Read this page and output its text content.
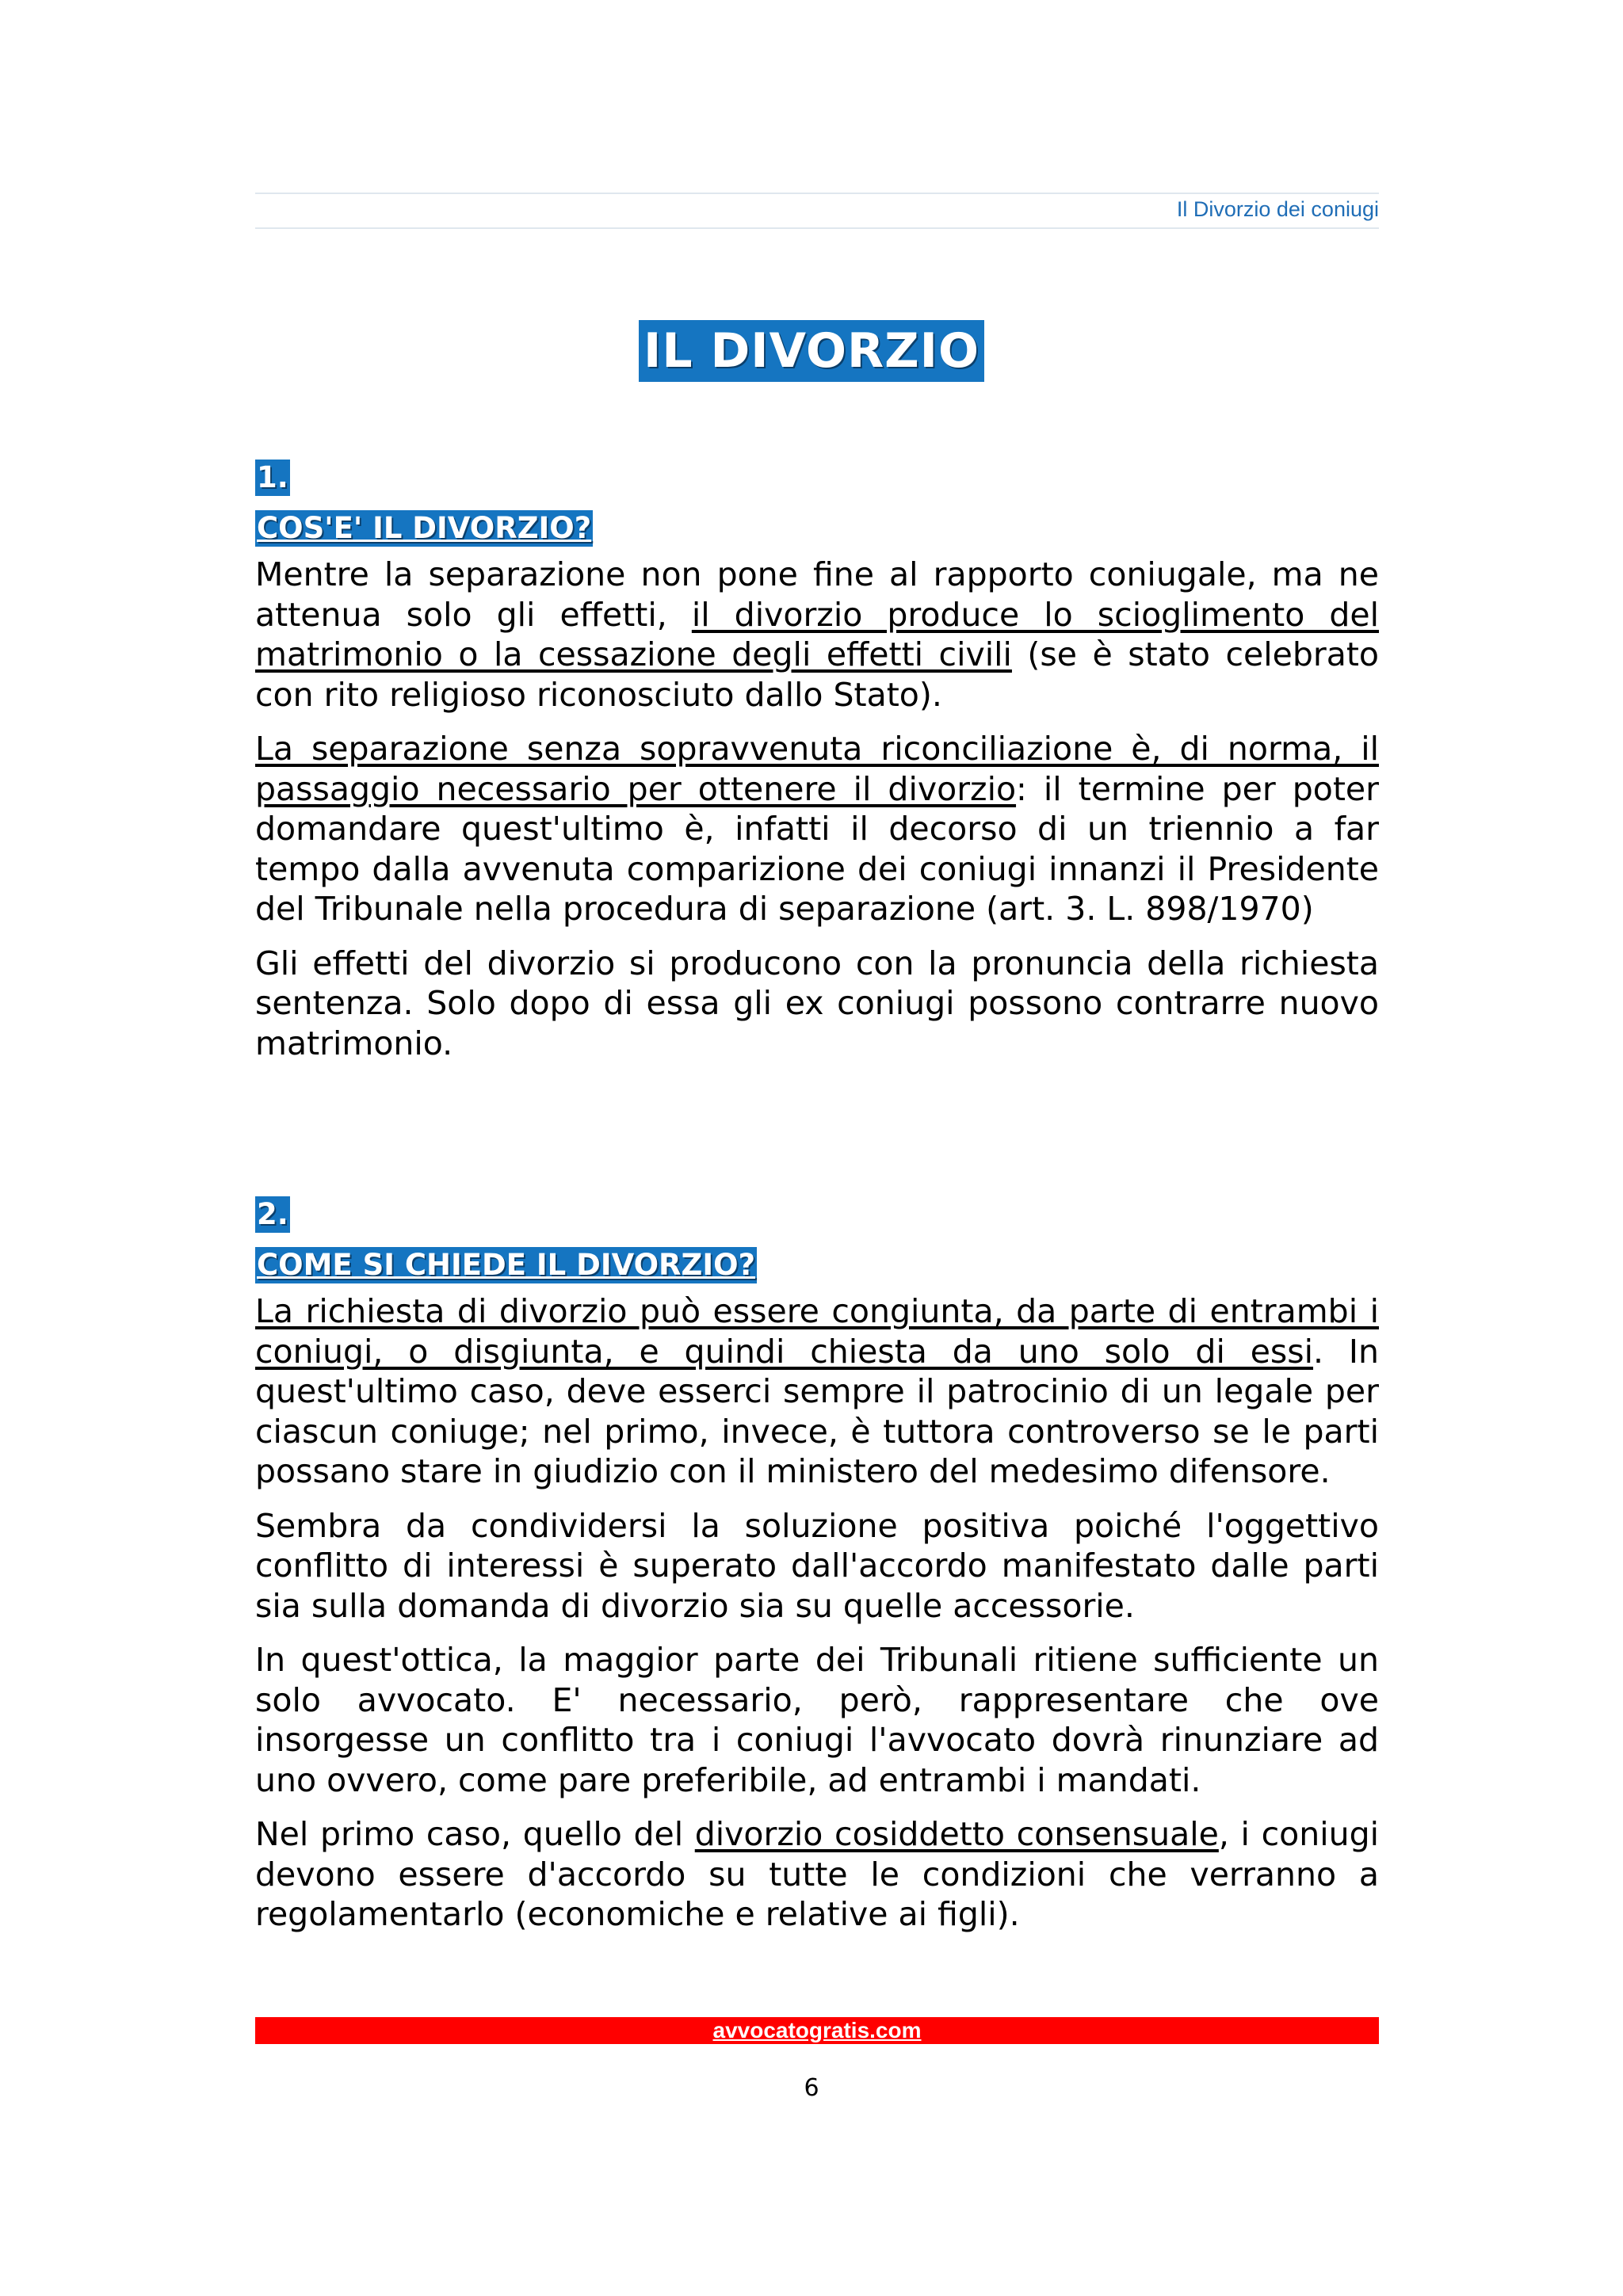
Il Divorzio dei coniugi
IL DIVORZIO
1.
COS'E' IL DIVORZIO?

Mentre la separazione non pone fine al rapporto coniugale, ma ne attenua solo gli effetti, il divorzio produce lo scioglimento del matrimonio o la cessazione degli effetti civili (se è stato celebrato con rito religioso riconosciuto dallo Stato).

La separazione senza sopravvenuta riconciliazione è, di norma, il passaggio necessario per ottenere il divorzio: il termine per poter domandare quest'ultimo è, infatti il decorso di un triennio a far tempo dalla avvenuta comparizione dei coniugi innanzi il Presidente del Tribunale nella procedura di separazione (art. 3. L. 898/1970)

Gli effetti del divorzio si producono con la pronuncia della richiesta sentenza. Solo dopo di essa gli ex coniugi possono contrarre nuovo matrimonio.

2.
COME SI CHIEDE IL DIVORZIO?

La richiesta di divorzio può essere congiunta, da parte di entrambi i coniugi, o disgiunta, e quindi chiesta da uno solo di essi. In quest'ultimo caso, deve esserci sempre il patrocinio di un legale per ciascun coniuge; nel primo, invece, è tuttora controverso se le parti possano stare in giudizio con il ministero del medesimo difensore.

Sembra da condividersi la soluzione positiva poiché l'oggettivo conflitto di interessi è superato dall'accordo manifestato dalle parti sia sulla domanda di divorzio sia su quelle accessorie.

In quest'ottica, la maggior parte dei Tribunali ritiene sufficiente un solo avvocato. E' necessario, però, rappresentare che ove insorgesse un conflitto tra i coniugi l'avvocato dovrà rinunziare ad uno ovvero, come pare preferibile, ad entrambi i mandati.

Nel primo caso, quello del divorzio cosiddetto consensuale, i coniugi devono essere d'accordo su tutte le condizioni che verranno a regolamentarlo (economiche e relative ai figli).

avvocatogratis.com
6
